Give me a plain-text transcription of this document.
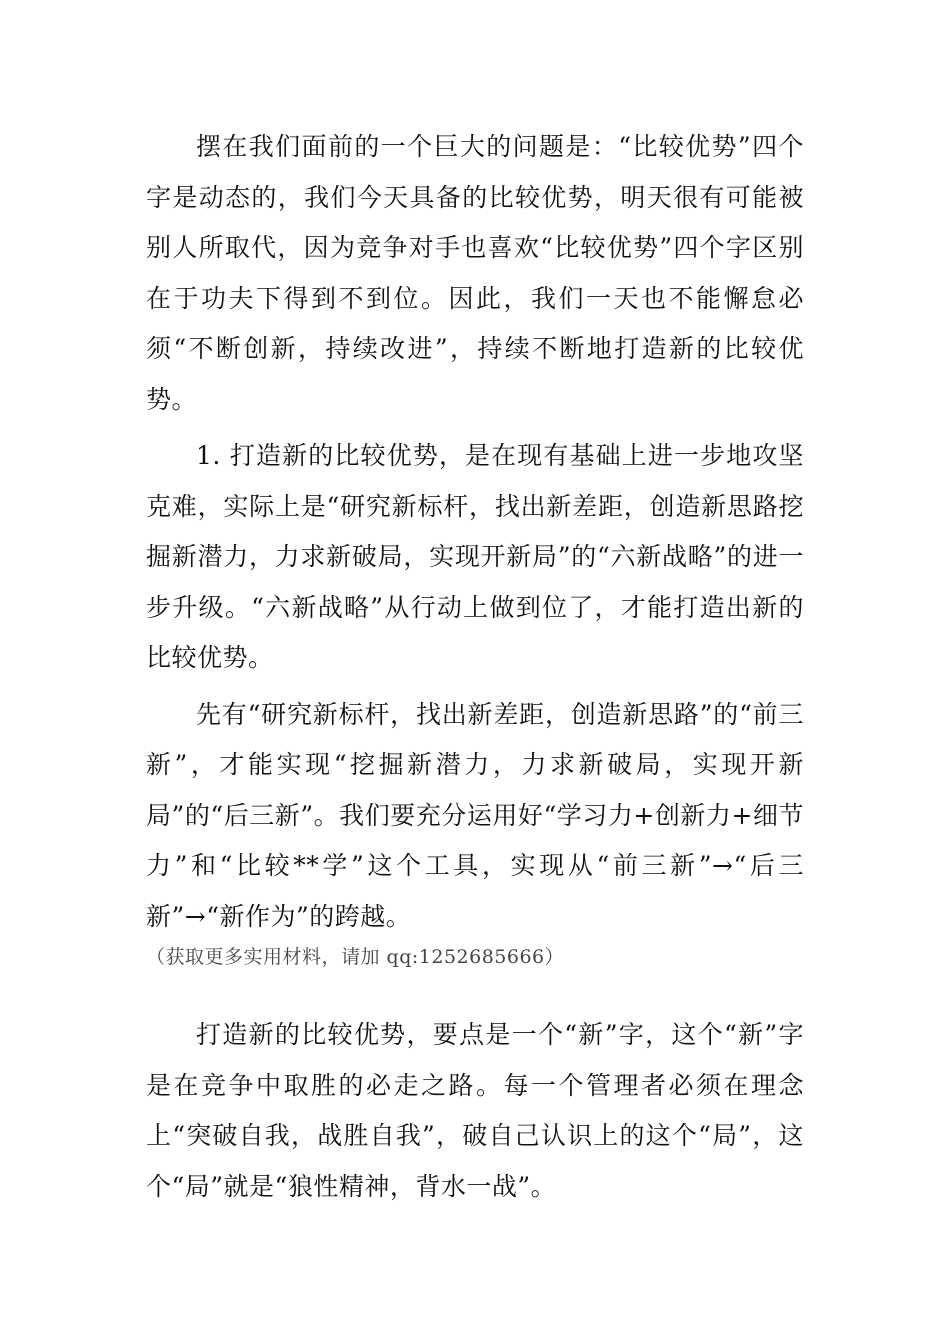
摆在我们面前的一个巨大的问题是：“比较优势”四个字是动态的，我们今天具备的比较优势，明天很有可能被别人所取代，因为竞争对手也喜欢“比较优势”四个字区别在于功夫下得到不到位。因此，我们一天也不能懈怠必须“不断创新，持续改进”，持续不断地打造新的比较优势。

1. 打造新的比较优势，是在现有基础上进一步地攻坚克难，实际上是“研究新标杆，找出新差距，创造新思路挖掘新潜力，力求新破局，实现开新局”的“六新战略”的进一步升级。“六新战略”从行动上做到位了，才能打造出新的比较优势。

先有“研究新标杆，找出新差距，创造新思路”的“前三新”，才能实现“挖掘新潜力，力求新破局，实现开新局”的“后三新”。我们要充分运用好“学习力+创新力+细节力”和“比较**学”这个工具，实现从“前三新”→“后三新”→“新作为”的跨越。

（获取更多实用材料，请加 qq:1252685666）

打造新的比较优势，要点是一个“新”字，这个“新”字是在竞争中取胜的必走之路。每一个管理者必须在理念上“突破自我，战胜自我”，破自己认识上的这个“局”，这个“局”就是“狼性精神，背水一战”。
